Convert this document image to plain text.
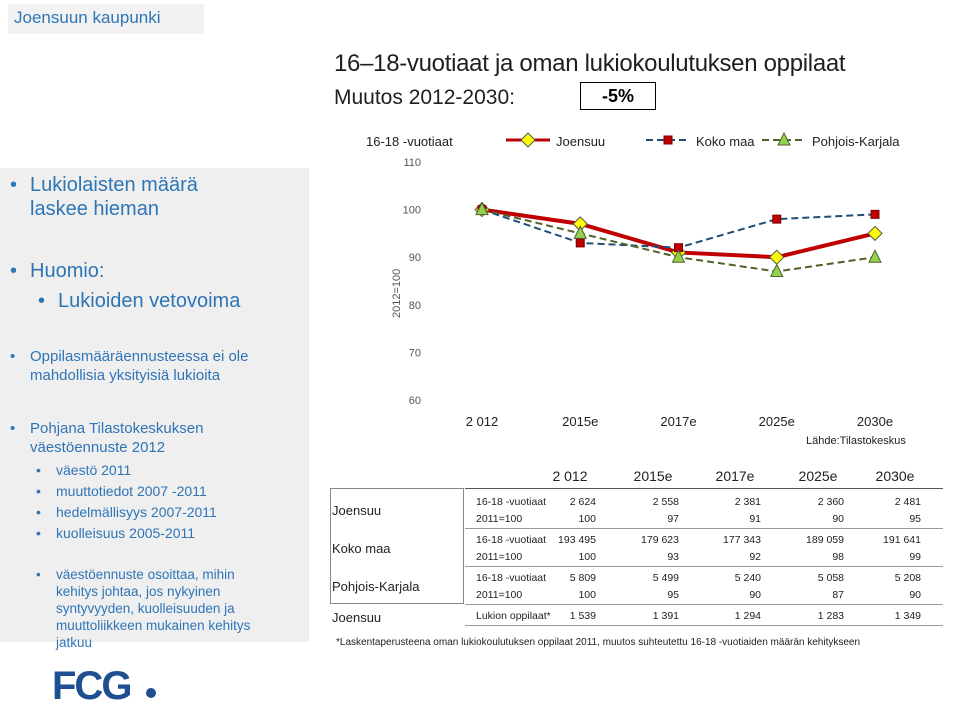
Joensuun kaupunki
16–18-vuotiaat ja oman lukiokoulutuksen oppilaat
Muutos 2012-2030:	-5%
• Lukiolaisten määrä
laskee hieman
• Huomio:
• Lukioiden vetovoima
• Oppilasmääräennusteessa ei ole
mahdollisia yksityisiä lukioita
• Pohjana Tilastokeskuksen
väestöennuste 2012
• väestö 2011
• muuttotiedot 2007 -2011
• hedelmällisyys 2007-2011
• kuolleisuus 2005-2011
• väestöennuste osoittaa, mihin
kehitys johtaa, jos nykyinen
syntyvyyden, kuolleisuuden ja
muuttoliikkeen mukainen kehitys
jatkuu
FCG
60
70
80
90
100
110
2012=100
16-18 -vuotiaat
2 012	2015e	2017e	2025e	2030e
Joensuu	Koko maa	Pohjois-Karjala
Lähde:Tilastokeskus
2 012	2015e	2017e	2025e	2030e
Joensuu
16-18 -vuotiaat	2 624	2 558	2 381	2 360	2 481
2011=100	100	97	91	90	95
Koko maa
16-18 -vuotiaat	193 495	179 623	177 343	189 059	191 641
2011=100	100	93	92	98	99
Pohjois-Karjala
16-18 -vuotiaat	5 809	5 499	5 240	5 058	5 208
2011=100	100	95	90	87	90
Joensuu	Lukion oppilaat*	1 539	1 391	1 294	1 283	1 349
*Laskentaperusteena oman lukiokoulutuksen oppilaat 2011, muutos suhteutettu 16-18 -vuotiaiden määrän kehitykseen
